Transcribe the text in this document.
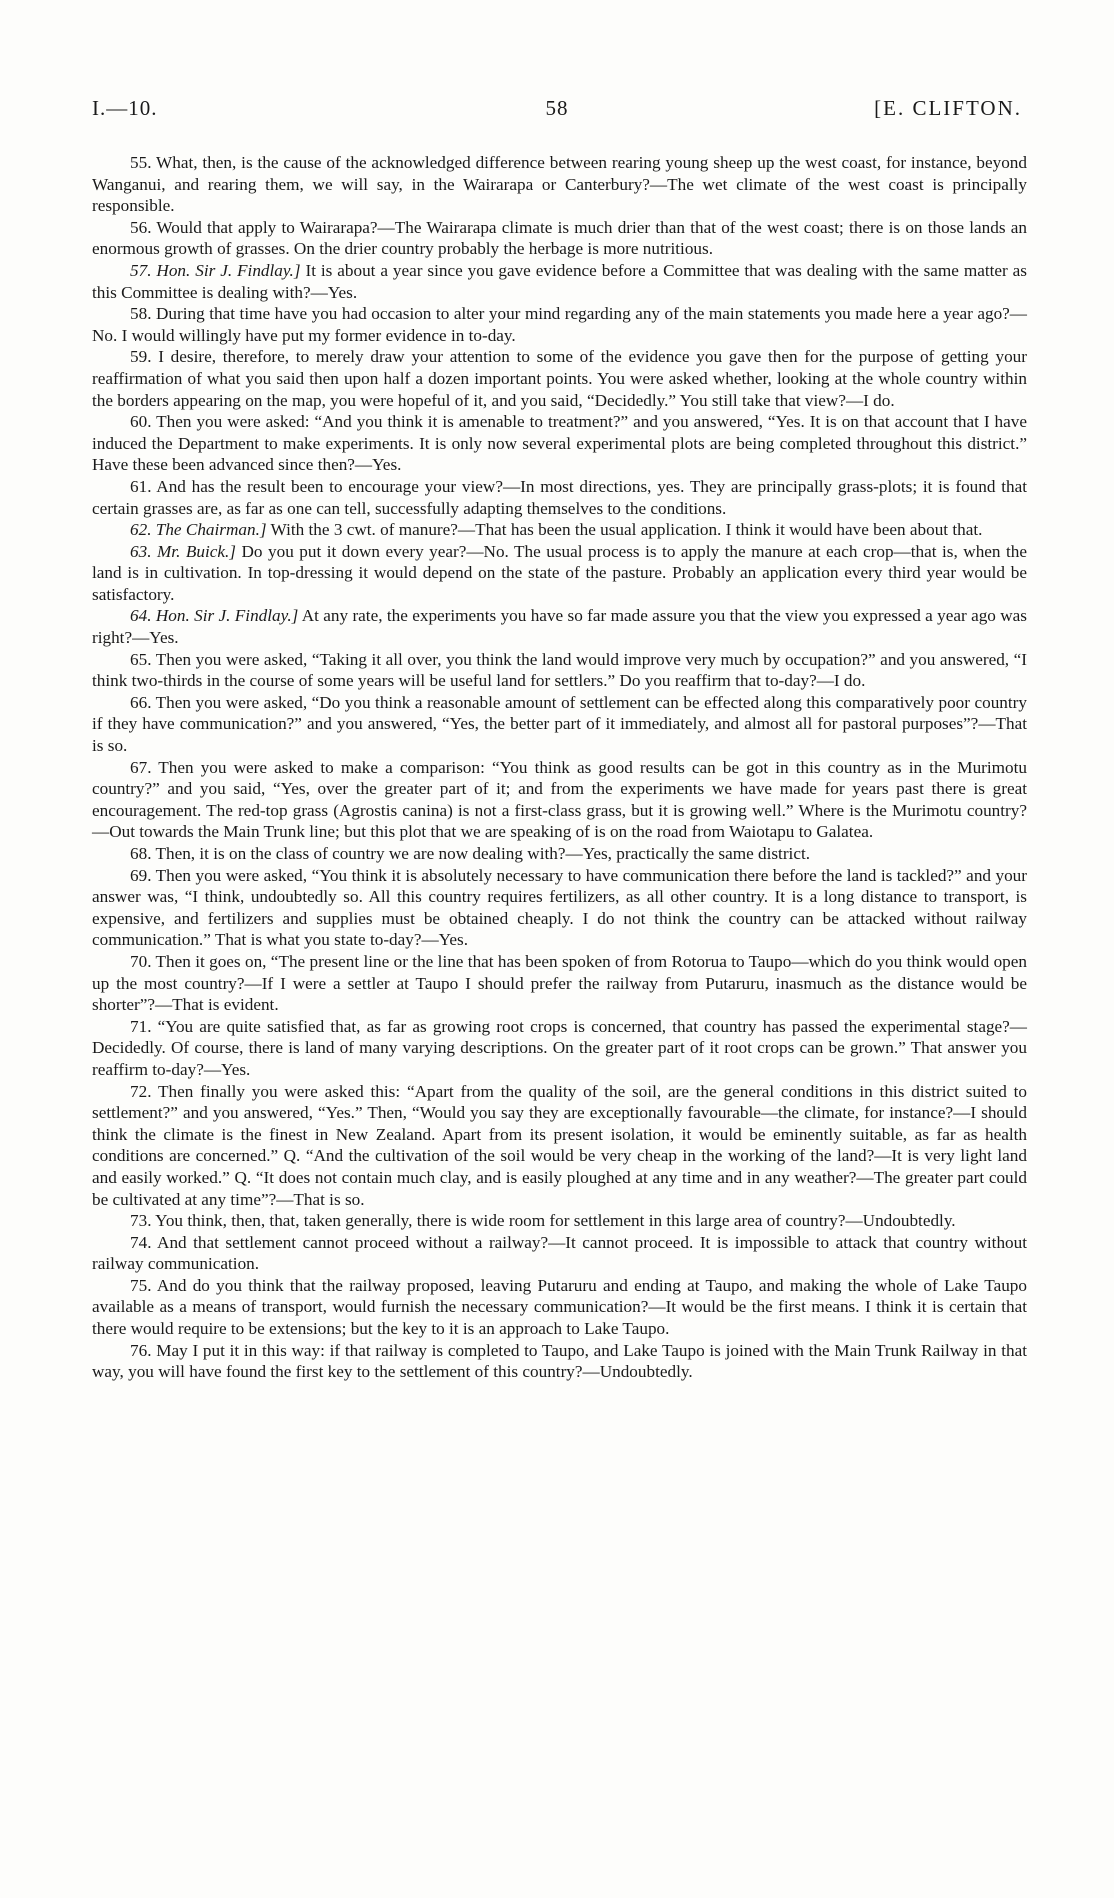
I.—10.	58	[E. CLIFTON.

55. What, then, is the cause of the acknowledged difference between rearing young sheep up the west coast, for instance, beyond Wanganui, and rearing them, we will say, in the Wairarapa or Canterbury?—The wet climate of the west coast is principally responsible.

56. Would that apply to Wairarapa?—The Wairarapa climate is much drier than that of the west coast; there is on those lands an enormous growth of grasses. On the drier country probably the herbage is more nutritious.

57. Hon. Sir J. Findlay.] It is about a year since you gave evidence before a Committee that was dealing with the same matter as this Committee is dealing with?—Yes.

58. During that time have you had occasion to alter your mind regarding any of the main statements you made here a year ago?—No. I would willingly have put my former evidence in to-day.

59. I desire, therefore, to merely draw your attention to some of the evidence you gave then for the purpose of getting your reaffirmation of what you said then upon half a dozen important points. You were asked whether, looking at the whole country within the borders appearing on the map, you were hopeful of it, and you said, “Decidedly.” You still take that view?—I do.

60. Then you were asked: “And you think it is amenable to treatment?” and you answered, “Yes. It is on that account that I have induced the Department to make experiments. It is only now several experimental plots are being completed throughout this district.” Have these been advanced since then?—Yes.

61. And has the result been to encourage your view?—In most directions, yes. They are principally grass-plots; it is found that certain grasses are, as far as one can tell, successfully adapting themselves to the conditions.

62. The Chairman.] With the 3 cwt. of manure?—That has been the usual application. I think it would have been about that.

63. Mr. Buick.] Do you put it down every year?—No. The usual process is to apply the manure at each crop—that is, when the land is in cultivation. In top-dressing it would depend on the state of the pasture. Probably an application every third year would be satisfactory.

64. Hon. Sir J. Findlay.] At any rate, the experiments you have so far made assure you that the view you expressed a year ago was right?—Yes.

65. Then you were asked, “Taking it all over, you think the land would improve very much by occupation?” and you answered, “I think two-thirds in the course of some years will be useful land for settlers.” Do you reaffirm that to-day?—I do.

66. Then you were asked, “Do you think a reasonable amount of settlement can be effected along this comparatively poor country if they have communication?” and you answered, “Yes, the better part of it immediately, and almost all for pastoral purposes”?—That is so.

67. Then you were asked to make a comparison: “You think as good results can be got in this country as in the Murimotu country?” and you said, “Yes, over the greater part of it; and from the experiments we have made for years past there is great encouragement. The red-top grass (Agrostis canina) is not a first-class grass, but it is growing well.” Where is the Murimotu country?—Out towards the Main Trunk line; but this plot that we are speaking of is on the road from Waiotapu to Galatea.

68. Then, it is on the class of country we are now dealing with?—Yes, practically the same district.

69. Then you were asked, “You think it is absolutely necessary to have communication there before the land is tackled?” and your answer was, “I think, undoubtedly so. All this country requires fertilizers, as all other country. It is a long distance to transport, is expensive, and fertilizers and supplies must be obtained cheaply. I do not think the country can be attacked without railway communication.” That is what you state to-day?—Yes.

70. Then it goes on, “The present line or the line that has been spoken of from Rotorua to Taupo—which do you think would open up the most country?—If I were a settler at Taupo I should prefer the railway from Putaruru, inasmuch as the distance would be shorter”?—That is evident.

71. “You are quite satisfied that, as far as growing root crops is concerned, that country has passed the experimental stage?—Decidedly. Of course, there is land of many varying descriptions. On the greater part of it root crops can be grown.” That answer you reaffirm to-day?—Yes.

72. Then finally you were asked this: “Apart from the quality of the soil, are the general conditions in this district suited to settlement?” and you answered, “Yes.” Then, “Would you say they are exceptionally favourable—the climate, for instance?—I should think the climate is the finest in New Zealand. Apart from its present isolation, it would be eminently suitable, as far as health conditions are concerned.” Q. “And the cultivation of the soil would be very cheap in the working of the land?—It is very light land and easily worked.” Q. “It does not contain much clay, and is easily ploughed at any time and in any weather?—The greater part could be cultivated at any time”?—That is so.

73. You think, then, that, taken generally, there is wide room for settlement in this large area of country?—Undoubtedly.

74. And that settlement cannot proceed without a railway?—It cannot proceed. It is impossible to attack that country without railway communication.

75. And do you think that the railway proposed, leaving Putaruru and ending at Taupo, and making the whole of Lake Taupo available as a means of transport, would furnish the necessary communication?—It would be the first means. I think it is certain that there would require to be extensions; but the key to it is an approach to Lake Taupo.

76. May I put it in this way: if that railway is completed to Taupo, and Lake Taupo is joined with the Main Trunk Railway in that way, you will have found the first key to the settlement of this country?—Undoubtedly.
